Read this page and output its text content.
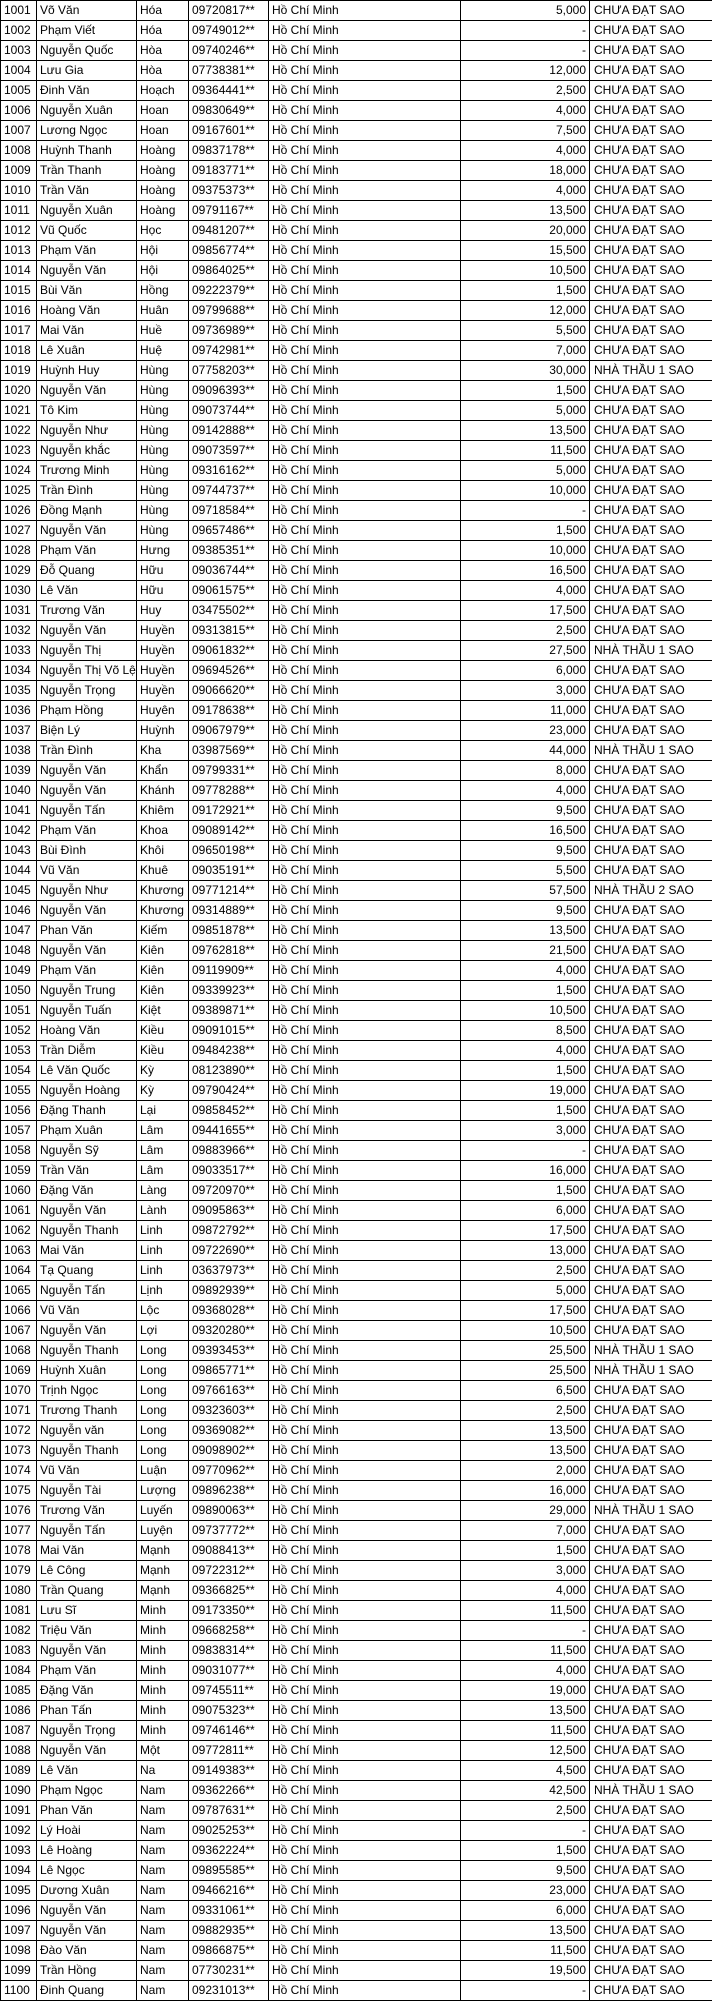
1001	Võ Văn	Hóa	09720817**	Hồ Chí Minh	5,000	CHƯA ĐẠT SAO
1002	Phạm Viết	Hóa	09749012**	Hồ Chí Minh	-	CHƯA ĐẠT SAO
1003	Nguyễn Quốc	Hòa	09740246**	Hồ Chí Minh	-	CHƯA ĐẠT SAO
1004	Lưu Gia	Hòa	07738381**	Hồ Chí Minh	12,000	CHƯA ĐẠT SAO
1005	Đinh Văn	Hoạch	09364441**	Hồ Chí Minh	2,500	CHƯA ĐẠT SAO
1006	Nguyễn Xuân	Hoan	09830649**	Hồ Chí Minh	4,000	CHƯA ĐẠT SAO
1007	Lương Ngọc	Hoan	09167601**	Hồ Chí Minh	7,500	CHƯA ĐẠT SAO
1008	Huỳnh Thanh	Hoàng	09837178**	Hồ Chí Minh	4,000	CHƯA ĐẠT SAO
1009	Trần Thanh	Hoàng	09183771**	Hồ Chí Minh	18,000	CHƯA ĐẠT SAO
1010	Trần Văn	Hoàng	09375373**	Hồ Chí Minh	4,000	CHƯA ĐẠT SAO
1011	Nguyễn Xuân	Hoàng	09791167**	Hồ Chí Minh	13,500	CHƯA ĐẠT SAO
1012	Vũ Quốc	Học	09481207**	Hồ Chí Minh	20,000	CHƯA ĐẠT SAO
1013	Phạm Văn	Hội	09856774**	Hồ Chí Minh	15,500	CHƯA ĐẠT SAO
1014	Nguyễn Văn	Hội	09864025**	Hồ Chí Minh	10,500	CHƯA ĐẠT SAO
1015	Bùi Văn	Hồng	09222379**	Hồ Chí Minh	1,500	CHƯA ĐẠT SAO
1016	Hoàng Văn	Huân	09799688**	Hồ Chí Minh	12,000	CHƯA ĐẠT SAO
1017	Mai Văn	Huề	09736989**	Hồ Chí Minh	5,500	CHƯA ĐẠT SAO
1018	Lê Xuân	Huệ	09742981**	Hồ Chí Minh	7,000	CHƯA ĐẠT SAO
1019	Huỳnh Huy	Hùng	07758203**	Hồ Chí Minh	30,000	NHÀ THẦU 1 SAO
1020	Nguyễn Văn	Hùng	09096393**	Hồ Chí Minh	1,500	CHƯA ĐẠT SAO
1021	Tô Kim	Hùng	09073744**	Hồ Chí Minh	5,000	CHƯA ĐẠT SAO
1022	Nguyễn Như	Hùng	09142888**	Hồ Chí Minh	13,500	CHƯA ĐẠT SAO
1023	Nguyễn khắc	Hùng	09073597**	Hồ Chí Minh	11,500	CHƯA ĐẠT SAO
1024	Trương Minh	Hùng	09316162**	Hồ Chí Minh	5,000	CHƯA ĐẠT SAO
1025	Trần Đình	Hùng	09744737**	Hồ Chí Minh	10,000	CHƯA ĐẠT SAO
1026	Đồng Mạnh	Hùng	09718584**	Hồ Chí Minh	-	CHƯA ĐẠT SAO
1027	Nguyễn Văn	Hùng	09657486**	Hồ Chí Minh	1,500	CHƯA ĐẠT SAO
1028	Phạm Văn	Hưng	09385351**	Hồ Chí Minh	10,000	CHƯA ĐẠT SAO
1029	Đỗ Quang	Hữu	09036744**	Hồ Chí Minh	16,500	CHƯA ĐẠT SAO
1030	Lê Văn	Hữu	09061575**	Hồ Chí Minh	4,000	CHƯA ĐẠT SAO
1031	Trương Văn	Huy	03475502**	Hồ Chí Minh	17,500	CHƯA ĐẠT SAO
1032	Nguyễn Văn	Huyền	09313815**	Hồ Chí Minh	2,500	CHƯA ĐẠT SAO
1033	Nguyễn Thị	Huyền	09061832**	Hồ Chí Minh	27,500	NHÀ THẦU 1 SAO
1034	Nguyễn Thị Võ Lệ	Huyền	09694526**	Hồ Chí Minh	6,000	CHƯA ĐẠT SAO
1035	Nguyễn Trọng	Huyền	09066620**	Hồ Chí Minh	3,000	CHƯA ĐẠT SAO
1036	Phạm Hồng	Huyên	09178638**	Hồ Chí Minh	11,000	CHƯA ĐẠT SAO
1037	Biện Lý	Huỳnh	09067979**	Hồ Chí Minh	23,000	CHƯA ĐẠT SAO
1038	Trần Đình	Kha	03987569**	Hồ Chí Minh	44,000	NHÀ THẦU 1 SAO
1039	Nguyễn Văn	Khẩn	09799331**	Hồ Chí Minh	8,000	CHƯA ĐẠT SAO
1040	Nguyễn Văn	Khánh	09778288**	Hồ Chí Minh	4,000	CHƯA ĐẠT SAO
1041	Nguyễn Tấn	Khiêm	09172921**	Hồ Chí Minh	9,500	CHƯA ĐẠT SAO
1042	Phạm Văn	Khoa	09089142**	Hồ Chí Minh	16,500	CHƯA ĐẠT SAO
1043	Bùi Đình	Khôi	09650198**	Hồ Chí Minh	9,500	CHƯA ĐẠT SAO
1044	Vũ Văn	Khuê	09035191**	Hồ Chí Minh	5,500	CHƯA ĐẠT SAO
1045	Nguyễn Như	Khương	09771214**	Hồ Chí Minh	57,500	NHÀ THẦU 2 SAO
1046	Nguyễn Văn	Khương	09314889**	Hồ Chí Minh	9,500	CHƯA ĐẠT SAO
1047	Phan Văn	Kiếm	09851878**	Hồ Chí Minh	13,500	CHƯA ĐẠT SAO
1048	Nguyễn Văn	Kiên	09762818**	Hồ Chí Minh	21,500	CHƯA ĐẠT SAO
1049	Phạm Văn	Kiên	09119909**	Hồ Chí Minh	4,000	CHƯA ĐẠT SAO
1050	Nguyễn Trung	Kiên	09339923**	Hồ Chí Minh	1,500	CHƯA ĐẠT SAO
1051	Nguyễn Tuấn	Kiệt	09389871**	Hồ Chí Minh	10,500	CHƯA ĐẠT SAO
1052	Hoàng Văn	Kiều	09091015**	Hồ Chí Minh	8,500	CHƯA ĐẠT SAO
1053	Trần Diễm	Kiều	09484238**	Hồ Chí Minh	4,000	CHƯA ĐẠT SAO
1054	Lê Văn Quốc	Kỳ	08123890**	Hồ Chí Minh	1,500	CHƯA ĐẠT SAO
1055	Nguyễn Hoàng	Kỳ	09790424**	Hồ Chí Minh	19,000	CHƯA ĐẠT SAO
1056	Đặng Thanh	Lại	09858452**	Hồ Chí Minh	1,500	CHƯA ĐẠT SAO
1057	Phạm Xuân	Lâm	09441655**	Hồ Chí Minh	3,000	CHƯA ĐẠT SAO
1058	Nguyễn Sỹ	Lâm	09883966**	Hồ Chí Minh	-	CHƯA ĐẠT SAO
1059	Trần Văn	Lâm	09033517**	Hồ Chí Minh	16,000	CHƯA ĐẠT SAO
1060	Đặng Văn	Làng	09720970**	Hồ Chí Minh	1,500	CHƯA ĐẠT SAO
1061	Nguyễn Văn	Lành	09095863**	Hồ Chí Minh	6,000	CHƯA ĐẠT SAO
1062	Nguyễn Thanh	Linh	09872792**	Hồ Chí Minh	17,500	CHƯA ĐẠT SAO
1063	Mai Văn	Linh	09722690**	Hồ Chí Minh	13,000	CHƯA ĐẠT SAO
1064	Tạ Quang	Linh	03637973**	Hồ Chí Minh	2,500	CHƯA ĐẠT SAO
1065	Nguyễn Tấn	Lịnh	09892939**	Hồ Chí Minh	5,000	CHƯA ĐẠT SAO
1066	Vũ Văn	Lộc	09368028**	Hồ Chí Minh	17,500	CHƯA ĐẠT SAO
1067	Nguyễn Văn	Lợi	09320280**	Hồ Chí Minh	10,500	CHƯA ĐẠT SAO
1068	Nguyễn Thanh	Long	09393453**	Hồ Chí Minh	25,500	NHÀ THẦU 1 SAO
1069	Huỳnh Xuân	Long	09865771**	Hồ Chí Minh	25,500	NHÀ THẦU 1 SAO
1070	Trịnh Ngọc	Long	09766163**	Hồ Chí Minh	6,500	CHƯA ĐẠT SAO
1071	Trương Thanh	Long	09323603**	Hồ Chí Minh	2,500	CHƯA ĐẠT SAO
1072	Nguyễn văn	Long	09369082**	Hồ Chí Minh	13,500	CHƯA ĐẠT SAO
1073	Nguyễn Thanh	Long	09098902**	Hồ Chí Minh	13,500	CHƯA ĐẠT SAO
1074	Vũ Văn	Luận	09770962**	Hồ Chí Minh	2,000	CHƯA ĐẠT SAO
1075	Nguyễn Tài	Lượng	09896238**	Hồ Chí Minh	16,000	CHƯA ĐẠT SAO
1076	Trương Văn	Luyến	09890063**	Hồ Chí Minh	29,000	NHÀ THẦU 1 SAO
1077	Nguyễn Tấn	Luyện	09737772**	Hồ Chí Minh	7,000	CHƯA ĐẠT SAO
1078	Mai Văn	Mạnh	09088413**	Hồ Chí Minh	1,500	CHƯA ĐẠT SAO
1079	Lê Công	Mạnh	09722312**	Hồ Chí Minh	3,000	CHƯA ĐẠT SAO
1080	Trần Quang	Mạnh	09366825**	Hồ Chí Minh	4,000	CHƯA ĐẠT SAO
1081	Lưu Sĩ	Minh	09173350**	Hồ Chí Minh	11,500	CHƯA ĐẠT SAO
1082	Triệu Văn	Minh	09668258**	Hồ Chí Minh	-	CHƯA ĐẠT SAO
1083	Nguyễn Văn	Minh	09838314**	Hồ Chí Minh	11,500	CHƯA ĐẠT SAO
1084	Phạm Văn	Minh	09031077**	Hồ Chí Minh	4,000	CHƯA ĐẠT SAO
1085	Đặng Văn	Minh	09745511**	Hồ Chí Minh	19,000	CHƯA ĐẠT SAO
1086	Phan Tấn	Minh	09075323**	Hồ Chí Minh	13,500	CHƯA ĐẠT SAO
1087	Nguyễn Trọng	Minh	09746146**	Hồ Chí Minh	11,500	CHƯA ĐẠT SAO
1088	Nguyễn Văn	Một	09772811**	Hồ Chí Minh	12,500	CHƯA ĐẠT SAO
1089	Lê Văn	Na	09149383**	Hồ Chí Minh	4,500	CHƯA ĐẠT SAO
1090	Phạm Ngọc	Nam	09362266**	Hồ Chí Minh	42,500	NHÀ THẦU 1 SAO
1091	Phan Văn	Nam	09787631**	Hồ Chí Minh	2,500	CHƯA ĐẠT SAO
1092	Lý Hoài	Nam	09025253**	Hồ Chí Minh	-	CHƯA ĐẠT SAO
1093	Lê Hoàng	Nam	09362224**	Hồ Chí Minh	1,500	CHƯA ĐẠT SAO
1094	Lê Ngọc	Nam	09895585**	Hồ Chí Minh	9,500	CHƯA ĐẠT SAO
1095	Dương Xuân	Nam	09466216**	Hồ Chí Minh	23,000	CHƯA ĐẠT SAO
1096	Nguyễn Văn	Nam	09331061**	Hồ Chí Minh	6,000	CHƯA ĐẠT SAO
1097	Nguyễn Văn	Nam	09882935**	Hồ Chí Minh	13,500	CHƯA ĐẠT SAO
1098	Đào Văn	Nam	09866875**	Hồ Chí Minh	11,500	CHƯA ĐẠT SAO
1099	Trần Hồng	Nam	07730231**	Hồ Chí Minh	19,500	CHƯA ĐẠT SAO
1100	Đinh Quang	Nam	09231013**	Hồ Chí Minh	-	CHƯA ĐẠT SAO
